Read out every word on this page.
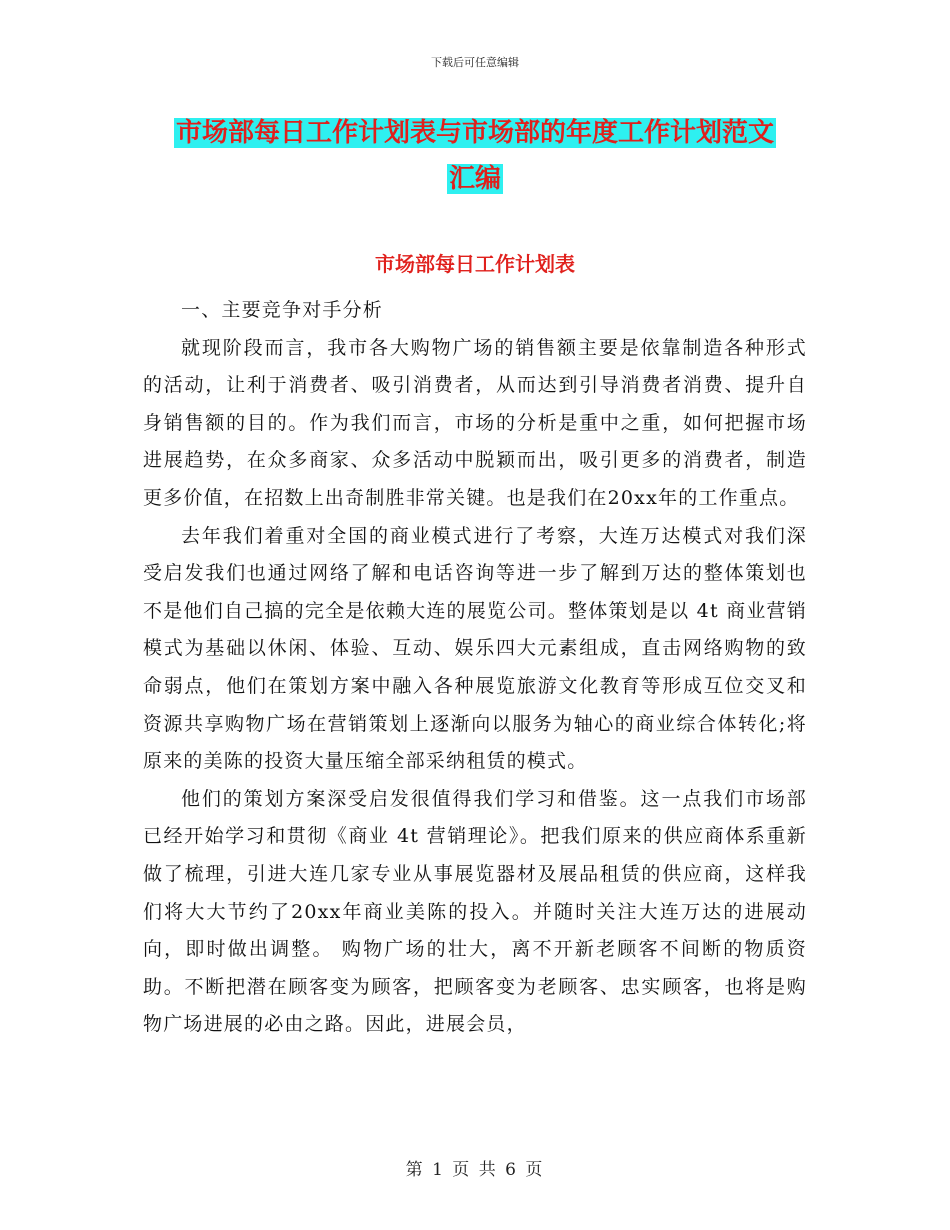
下载后可任意编辑
市场部每日工作计划表与市场部的年度工作计划范文
汇编
市场部每日工作计划表

一、主要竞争对手分析

就现阶段而言，我市各大购物广场的销售额主要是依靠制造各种形式的活动，让利于消费者、吸引消费者，从而达到引导消费者消费、提升自身销售额的目的。作为我们而言，市场的分析是重中之重，如何把握市场进展趋势，在众多商家、众多活动中脱颖而出，吸引更多的消费者，制造更多价值，在招数上出奇制胜非常关键。也是我们在20xx年的工作重点。

去年我们着重对全国的商业模式进行了考察，大连万达模式对我们深受启发我们也通过网络了解和电话咨询等进一步了解到万达的整体策划也不是他们自己搞的完全是依赖大连的展览公司。整体策划是以 4t 商业营销模式为基础以休闲、体验、互动、娱乐四大元素组成，直击网络购物的致命弱点，他们在策划方案中融入各种展览旅游文化教育等形成互位交叉和资源共享购物广场在营销策划上逐渐向以服务为轴心的商业综合体转化;将原来的美陈的投资大量压缩全部采纳租赁的模式。

他们的策划方案深受启发很值得我们学习和借鉴。这一点我们市场部已经开始学习和贯彻《商业 4t 营销理论》。把我们原来的供应商体系重新做了梳理，引进大连几家专业从事展览器材及展品租赁的供应商，这样我们将大大节约了20xx年商业美陈的投入。并随时关注大连万达的进展动向，即时做出调整。 购物广场的壮大，离不开新老顾客不间断的物质资助。不断把潜在顾客变为顾客，把顾客变为老顾客、忠实顾客，也将是购物广场进展的必由之路。因此，进展会员，

第 1 页 共 6 页
